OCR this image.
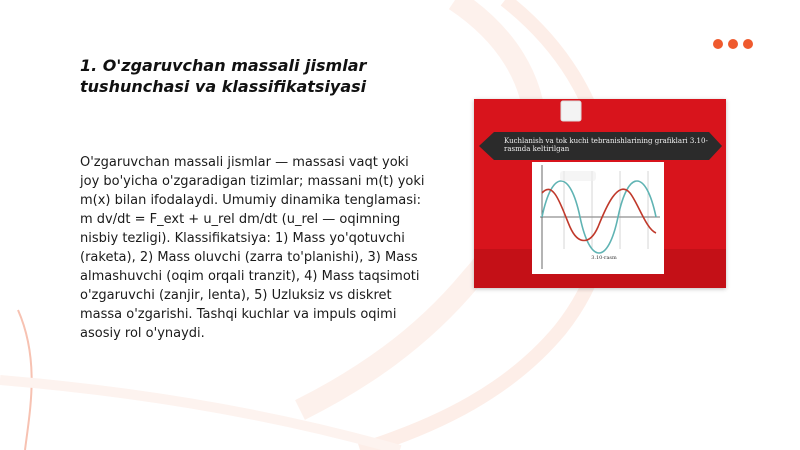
1. O'zgaruvchan massali jismlar tushunchasi va klassifikatsiyasi

O'zgaruvchan massali jismlar — massasi vaqt yoki joy bo'yicha o'zgaradigan tizimlar; massani m(t) yoki m(x) bilan ifodalaydi. Umumiy dinamika tenglamasi: m dv/dt = F_ext + u_rel dm/dt (u_rel — oqimning nisbiy tezligi). Klassifikatsiya: 1) Mass yo'qotuvchi (raketa), 2) Mass oluvchi (zarra to'planishi), 3) Mass almashuvchi (oqim orqali tranzit), 4) Mass taqsimoti o'zgaruvchi (zanjir, lenta), 5) Uzluksiz vs diskret massa o'zgarishi. Tashqi kuchlar va impuls oqimi asosiy rol o'ynaydi.

Kuchlanish va tok kuchi tebranishlarining grafiklari 3.10-rasmda keltirilgan
3.10-rasm
